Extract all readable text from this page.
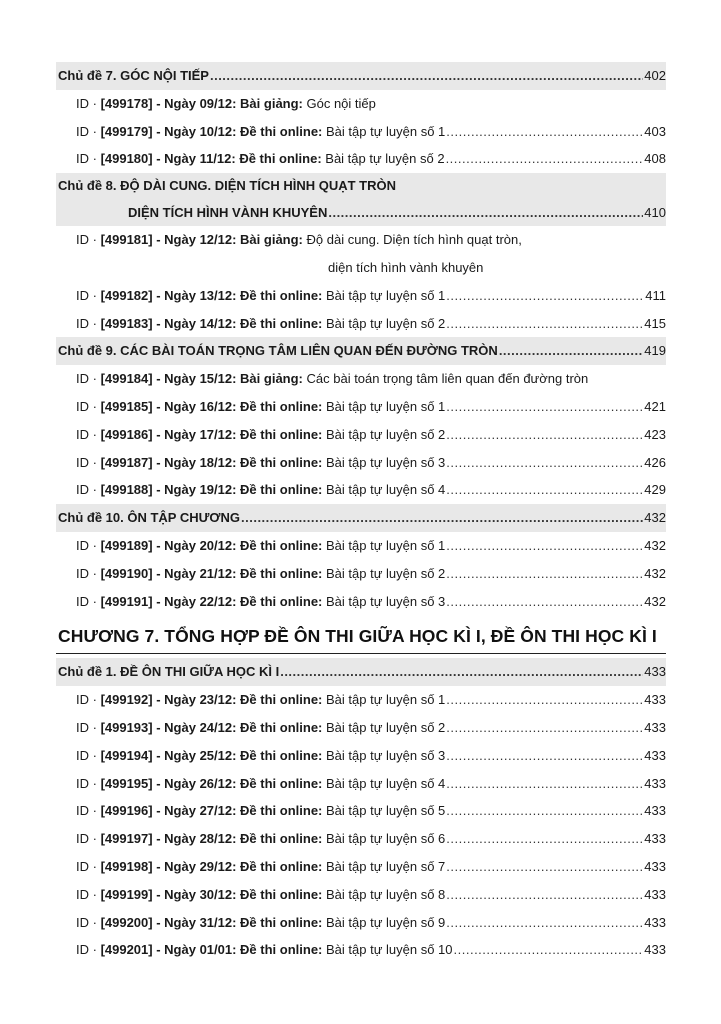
Chủ đề 7. GÓC NỘI TIẾP .....	402
ID · [499178] - Ngày 09/12: Bài giảng: Góc nội tiếp
ID · [499179] - Ngày 10/12: Đề thi online: Bài tập tự luyện số 1 .....	403
ID · [499180] - Ngày 11/12: Đề thi online: Bài tập tự luyện số 2 .....	408
Chủ đề 8. ĐỘ DÀI CUNG. DIỆN TÍCH HÌNH QUẠT TRÒN
DIỆN TÍCH HÌNH VÀNH KHUYÊN .....	410
ID · [499181] - Ngày 12/12: Bài giảng: Độ dài cung. Diện tích hình quạt tròn,
diện tích hình vành khuyên
ID · [499182] - Ngày 13/12: Đề thi online: Bài tập tự luyện số 1 .....	411
ID · [499183] - Ngày 14/12: Đề thi online: Bài tập tự luyện số 2 .....	415
Chủ đề 9. CÁC BÀI TOÁN TRỌNG TÂM LIÊN QUAN ĐẾN ĐƯỜNG TRÒN .....	419
ID · [499184] - Ngày 15/12: Bài giảng: Các bài toán trọng tâm liên quan đến đường tròn
ID · [499185] - Ngày 16/12: Đề thi online: Bài tập tự luyện số 1 .....	421
ID · [499186] - Ngày 17/12: Đề thi online: Bài tập tự luyện số 2 .....	423
ID · [499187] - Ngày 18/12: Đề thi online: Bài tập tự luyện số 3 .....	426
ID · [499188] - Ngày 19/12: Đề thi online: Bài tập tự luyện số 4 .....	429
Chủ đề 10. ÔN TẬP CHƯƠNG .....	432
ID · [499189] - Ngày 20/12: Đề thi online: Bài tập tự luyện số 1 .....	432
ID · [499190] - Ngày 21/12: Đề thi online: Bài tập tự luyện số 2 .....	432
ID · [499191] - Ngày 22/12: Đề thi online: Bài tập tự luyện số 3 .....	432
CHƯƠNG 7. TỔNG HỢP ĐỀ ÔN THI GIỮA HỌC KÌ I, ĐỀ ÔN THI HỌC KÌ I
Chủ đề 1. ĐỀ ÔN THI GIỮA HỌC KÌ I .....	433
ID · [499192] - Ngày 23/12: Đề thi online: Bài tập tự luyện số 1 .....	433
ID · [499193] - Ngày 24/12: Đề thi online: Bài tập tự luyện số 2 .....	433
ID · [499194] - Ngày 25/12: Đề thi online: Bài tập tự luyện số 3 .....	433
ID · [499195] - Ngày 26/12: Đề thi online: Bài tập tự luyện số 4 .....	433
ID · [499196] - Ngày 27/12: Đề thi online: Bài tập tự luyện số 5 .....	433
ID · [499197] - Ngày 28/12: Đề thi online: Bài tập tự luyện số 6 .....	433
ID · [499198] - Ngày 29/12: Đề thi online: Bài tập tự luyện số 7 .....	433
ID · [499199] - Ngày 30/12: Đề thi online: Bài tập tự luyện số 8 .....	433
ID · [499200] - Ngày 31/12: Đề thi online: Bài tập tự luyện số 9 .....	433
ID · [499201] - Ngày 01/01: Đề thi online: Bài tập tự luyện số 10 .....	433
